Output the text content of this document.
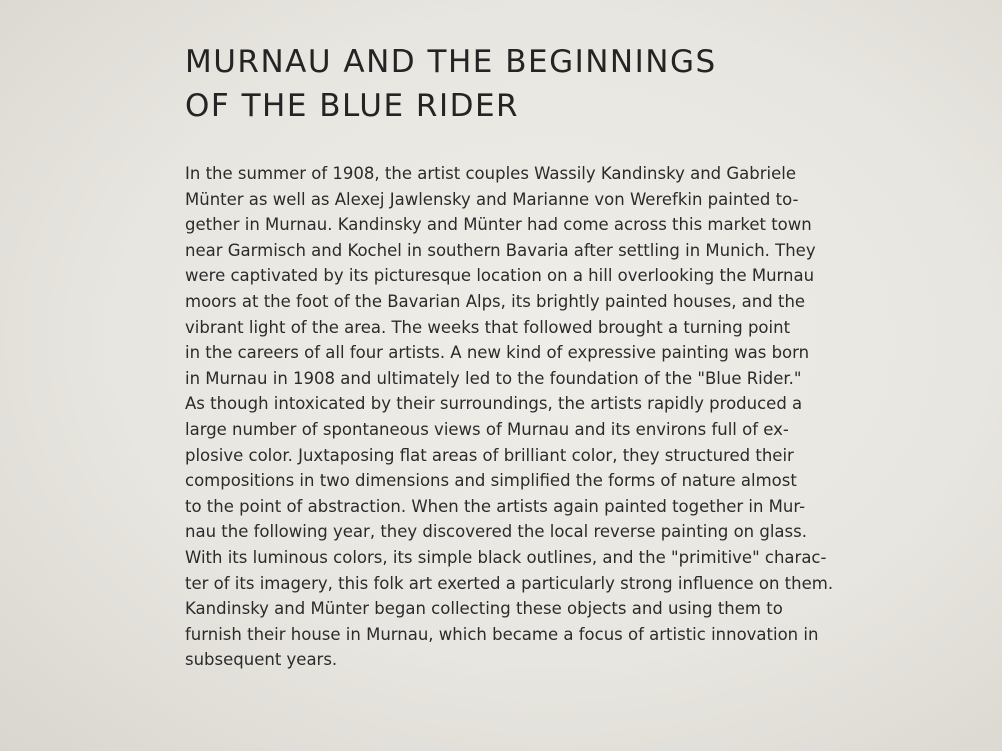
MURNAU AND THE BEGINNINGS
OF THE BLUE RIDER
In the summer of 1908, the artist couples Wassily Kandinsky and Gabriele
Münter as well as Alexej Jawlensky and Marianne von Werefkin painted to-
gether in Murnau. Kandinsky and Münter had come across this market town
near Garmisch and Kochel in southern Bavaria after settling in Munich. They
were captivated by its picturesque location on a hill overlooking the Murnau
moors at the foot of the Bavarian Alps, its brightly painted houses, and the
vibrant light of the area. The weeks that followed brought a turning point
in the careers of all four artists. A new kind of expressive painting was born
in Murnau in 1908 and ultimately led to the foundation of the "Blue Rider."
As though intoxicated by their surroundings, the artists rapidly produced a
large number of spontaneous views of Murnau and its environs full of ex-
plosive color. Juxtaposing flat areas of brilliant color, they structured their
compositions in two dimensions and simplified the forms of nature almost
to the point of abstraction. When the artists again painted together in Mur-
nau the following year, they discovered the local reverse painting on glass.
With its luminous colors, its simple black outlines, and the "primitive" charac-
ter of its imagery, this folk art exerted a particularly strong influence on them.
Kandinsky and Münter began collecting these objects and using them to
furnish their house in Murnau, which became a focus of artistic innovation in
subsequent years.
